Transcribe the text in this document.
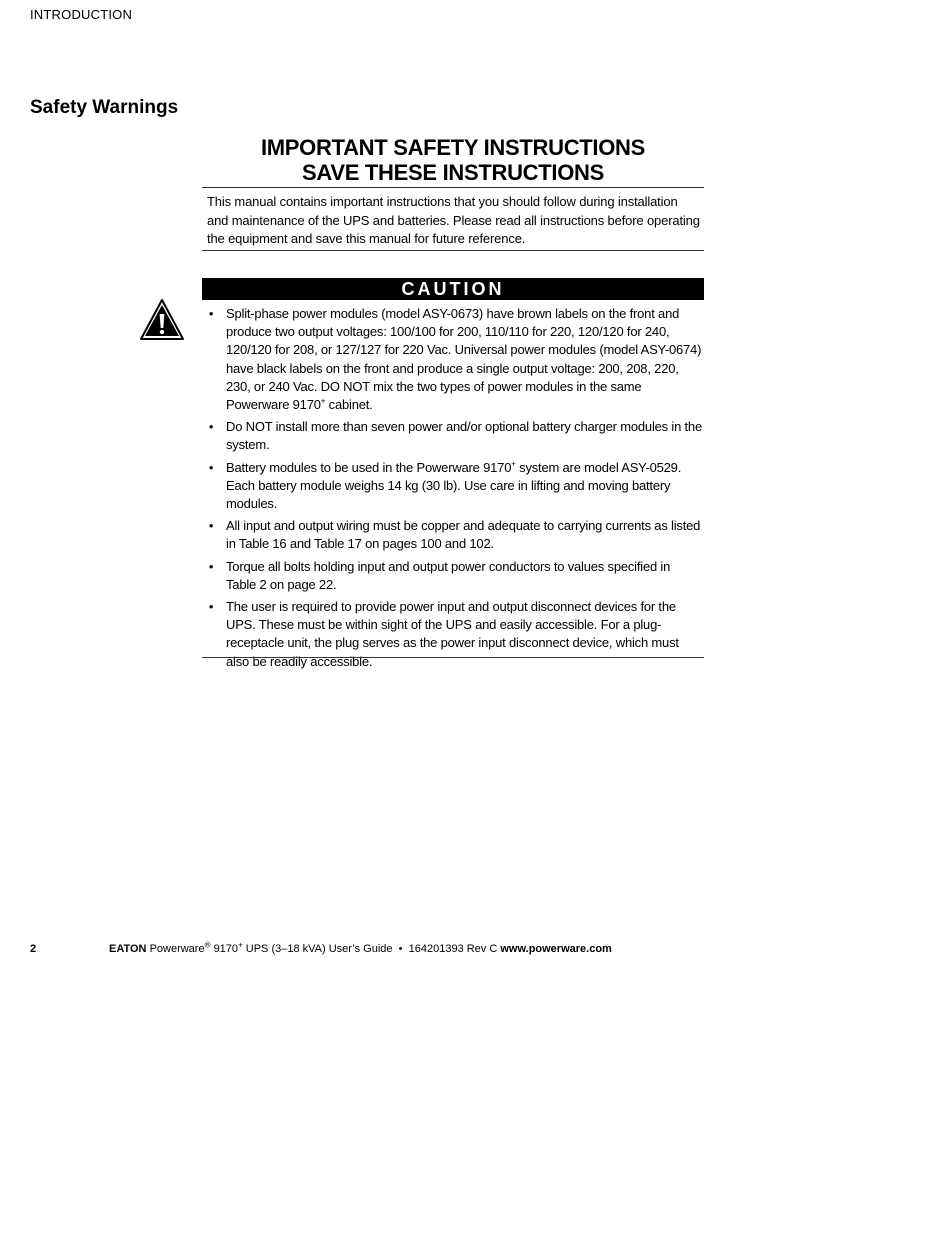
INTRODUCTION
Safety Warnings
IMPORTANT SAFETY INSTRUCTIONS
SAVE THESE INSTRUCTIONS
This manual contains important instructions that you should follow during installation and maintenance of the UPS and batteries. Please read all instructions before operating the equipment and save this manual for future reference.
CAUTION
• Split-phase power modules (model ASY-0673) have brown labels on the front and produce two output voltages: 100/100 for 200, 110/110 for 220, 120/120 for 240, 120/120 for 208, or 127/127 for 220 Vac. Universal power modules (model ASY-0674) have black labels on the front and produce a single output voltage: 200, 208, 220, 230, or 240 Vac. DO NOT mix the two types of power modules in the same Powerware 9170+ cabinet.
• Do NOT install more than seven power and/or optional battery charger modules in the system.
• Battery modules to be used in the Powerware 9170+ system are model ASY-0529. Each battery module weighs 14 kg (30 lb). Use care in lifting and moving battery modules.
• All input and output wiring must be copper and adequate to carrying currents as listed in Table 16 and Table 17 on pages 100 and 102.
• Torque all bolts holding input and output power conductors to values specified in Table 2 on page 22.
• The user is required to provide power input and output disconnect devices for the UPS. These must be within sight of the UPS and easily accessible. For a plug-receptacle unit, the plug serves as the power input disconnect device, which must also be readily accessible.
2	EATON Powerware® 9170+ UPS (3–18 kVA) User’s Guide • 164201393 Rev C www.powerware.com
